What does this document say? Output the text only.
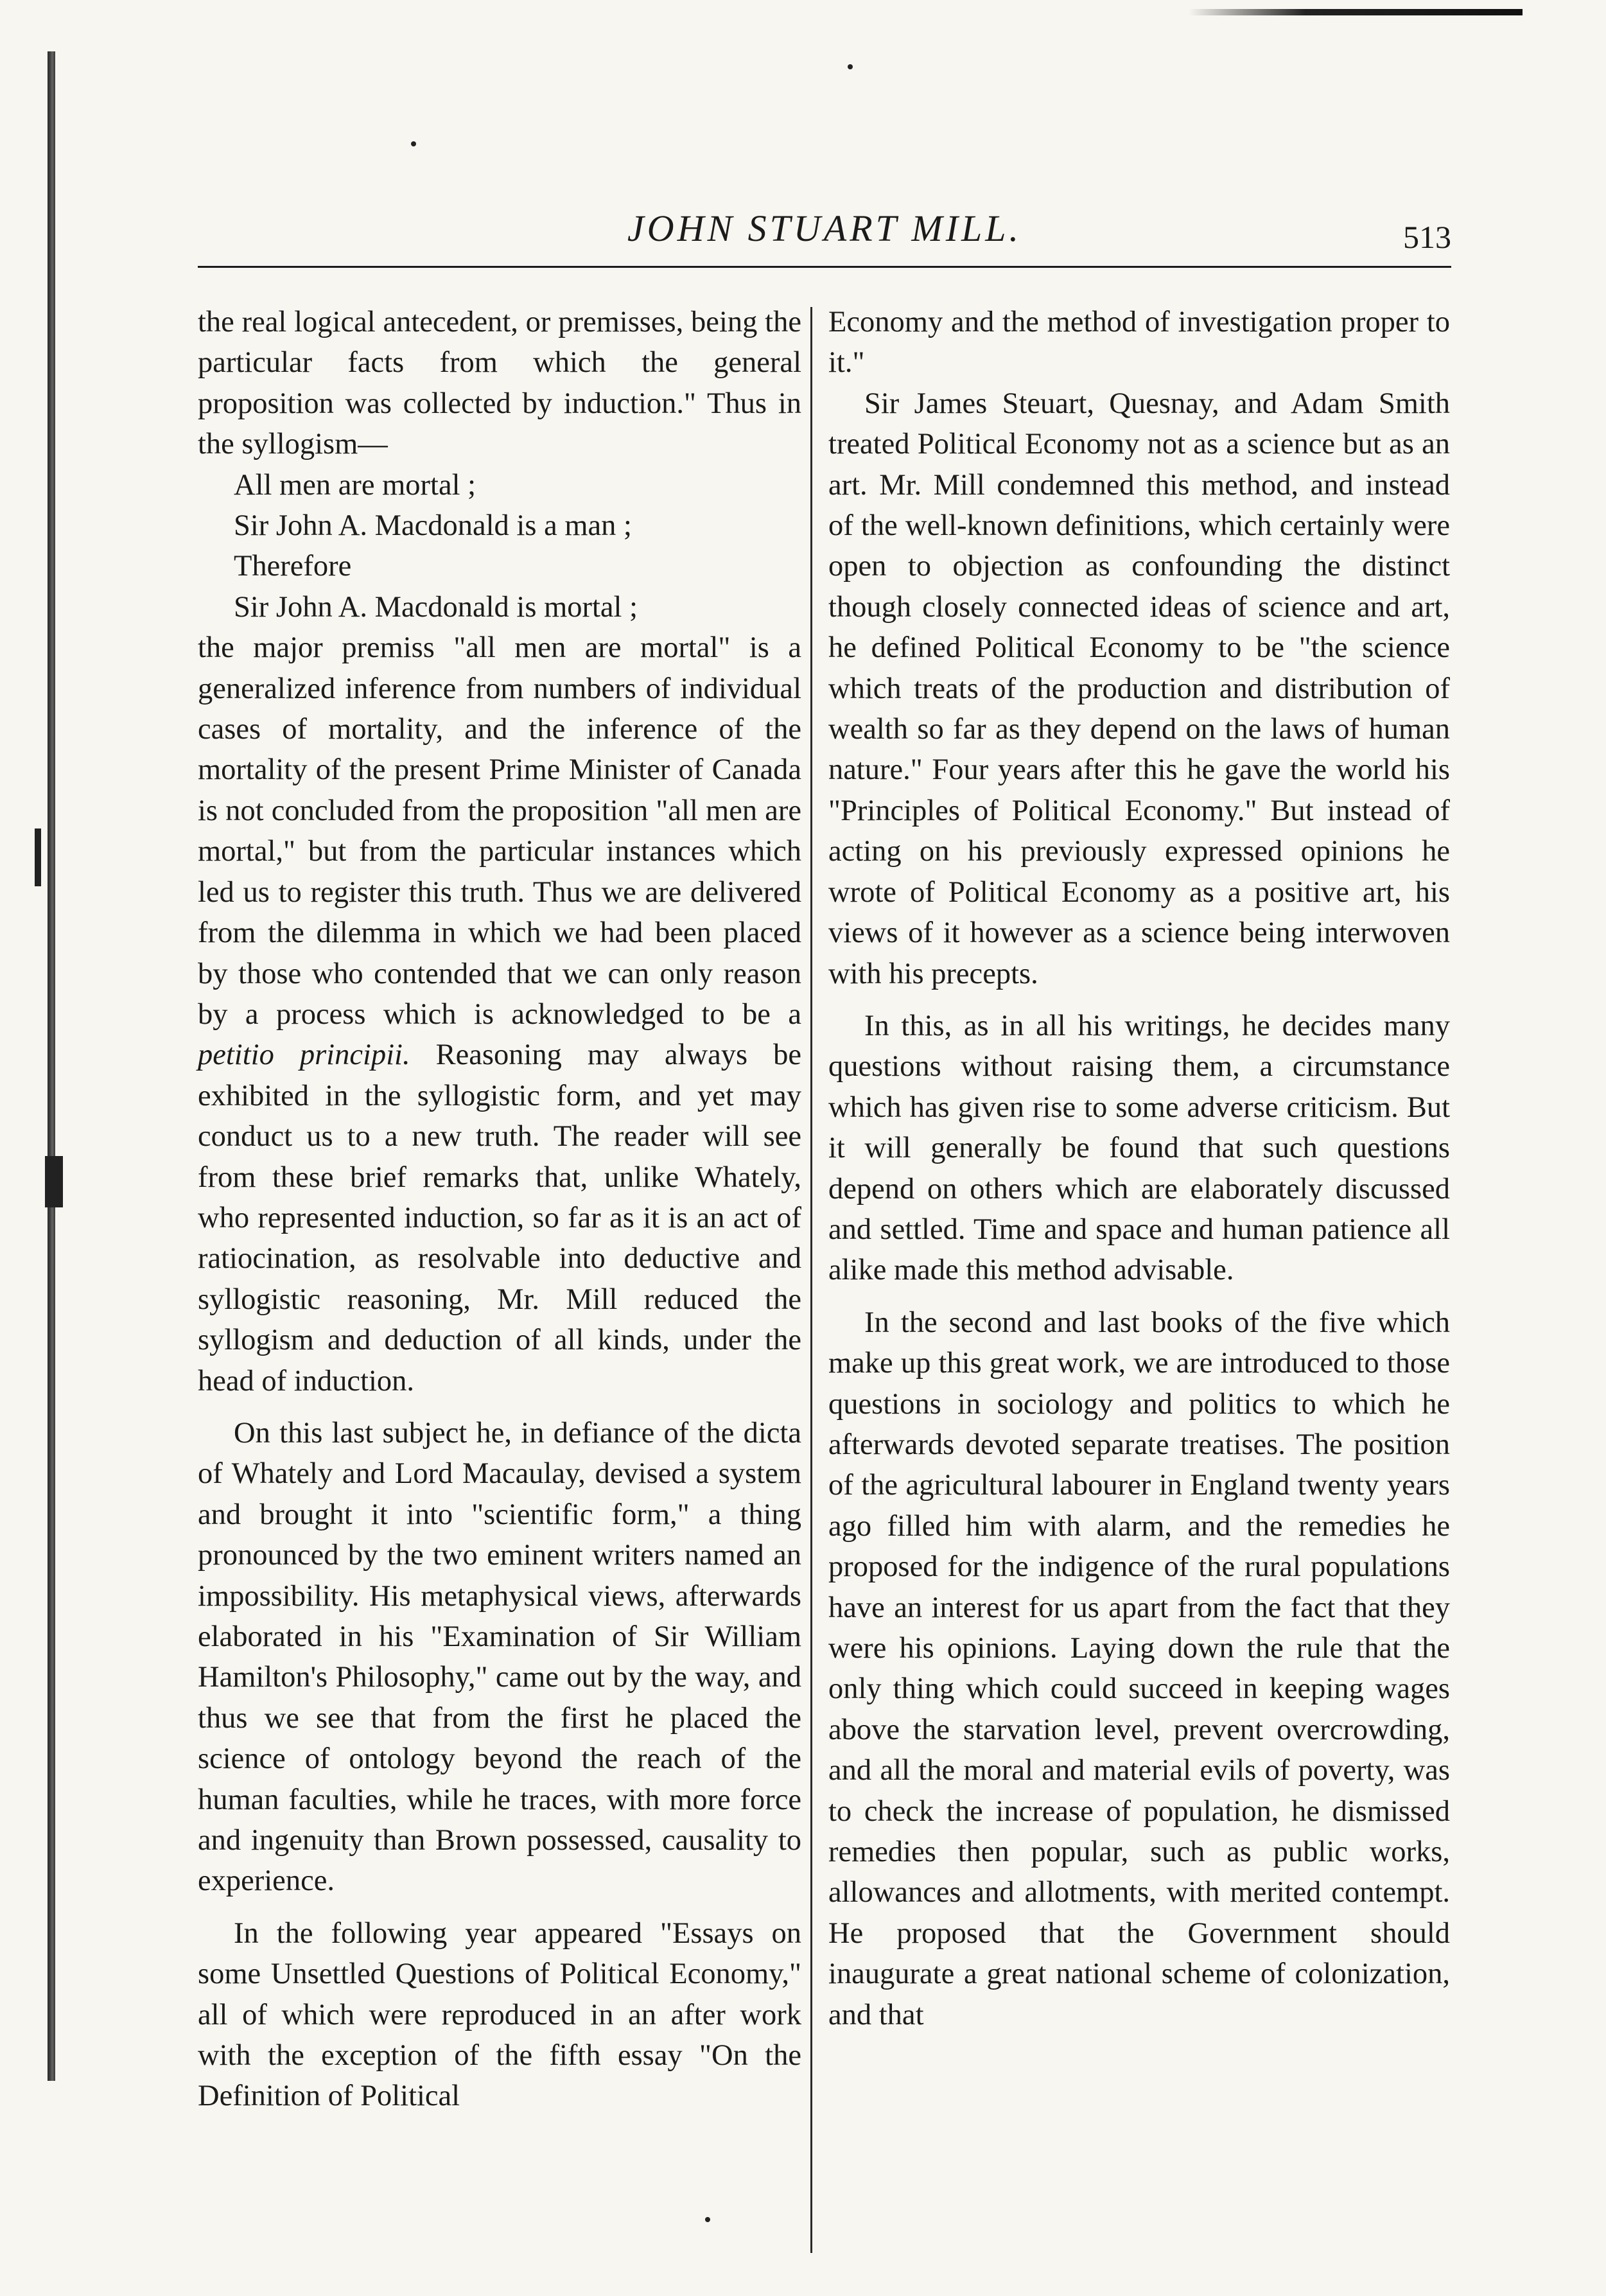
JOHN STUART MILL.	513

the real logical antecedent, or premisses, being the particular facts from which the general proposition was collected by induction." Thus in the syllogism—

All men are mortal ;

Sir John A. Macdonald is a man ;

Therefore

Sir John A. Macdonald is mortal ;

the major premiss "all men are mortal" is a generalized inference from numbers of individual cases of mortality, and the inference of the mortality of the present Prime Minister of Canada is not concluded from the proposition "all men are mortal," but from the particular instances which led us to register this truth. Thus we are delivered from the dilemma in which we had been placed by those who contended that we can only reason by a process which is acknowledged to be a petitio principii. Reasoning may always be exhibited in the syllogistic form, and yet may conduct us to a new truth. The reader will see from these brief remarks that, unlike Whately, who represented induction, so far as it is an act of ratiocination, as resolvable into deductive and syllogistic reasoning, Mr. Mill reduced the syllogism and deduction of all kinds, under the head of induction.

On this last subject he, in defiance of the dicta of Whately and Lord Macaulay, devised a system and brought it into "scientific form," a thing pronounced by the two eminent writers named an impossibility. His metaphysical views, afterwards elaborated in his "Examination of Sir William Hamilton's Philosophy," came out by the way, and thus we see that from the first he placed the science of ontology beyond the reach of the human faculties, while he traces, with more force and ingenuity than Brown possessed, causality to experience.

In the following year appeared "Essays on some Unsettled Questions of Political Economy," all of which were reproduced in an after work with the exception of the fifth essay "On the Definition of Political

Economy and the method of investigation proper to it."

Sir James Steuart, Quesnay, and Adam Smith treated Political Economy not as a science but as an art. Mr. Mill condemned this method, and instead of the well-known definitions, which certainly were open to objection as confounding the distinct though closely connected ideas of science and art, he defined Political Economy to be "the science which treats of the production and distribution of wealth so far as they depend on the laws of human nature." Four years after this he gave the world his "Principles of Political Economy." But instead of acting on his previously expressed opinions he wrote of Political Economy as a positive art, his views of it however as a science being interwoven with his precepts.

In this, as in all his writings, he decides many questions without raising them, a circumstance which has given rise to some adverse criticism. But it will generally be found that such questions depend on others which are elaborately discussed and settled. Time and space and human patience all alike made this method advisable.

In the second and last books of the five which make up this great work, we are introduced to those questions in sociology and politics to which he afterwards devoted separate treatises. The position of the agricultural labourer in England twenty years ago filled him with alarm, and the remedies he proposed for the indigence of the rural populations have an interest for us apart from the fact that they were his opinions. Laying down the rule that the only thing which could succeed in keeping wages above the starvation level, prevent overcrowding, and all the moral and material evils of poverty, was to check the increase of population, he dismissed remedies then popular, such as public works, allowances and allotments, with merited contempt. He proposed that the Government should inaugurate a great national scheme of colonization, and that
